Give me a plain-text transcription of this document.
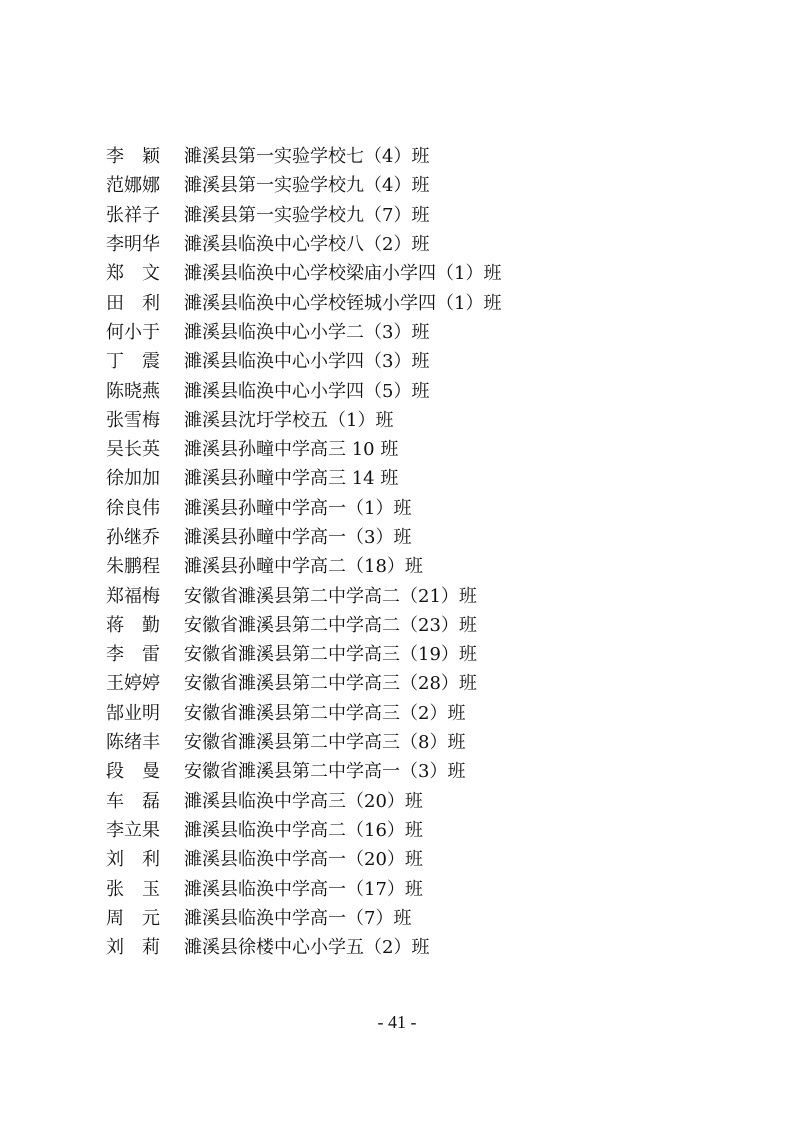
李　颖	濉溪县第一实验学校七（4）班
范娜娜	濉溪县第一实验学校九（4）班
张祥子	濉溪县第一实验学校九（7）班
李明华	濉溪县临涣中心学校八（2）班
郑　文	濉溪县临涣中心学校梁庙小学四（1）班
田　利	濉溪县临涣中心学校铚城小学四（1）班
何小于	濉溪县临涣中心小学二（3）班
丁　震	濉溪县临涣中心小学四（3）班
陈晓燕	濉溪县临涣中心小学四（5）班
张雪梅	濉溪县沈圩学校五（1）班
吴长英	濉溪县孙疃中学高三 10 班
徐加加	濉溪县孙疃中学高三 14 班
徐良伟	濉溪县孙疃中学高一（1）班
孙继乔	濉溪县孙疃中学高一（3）班
朱鹏程	濉溪县孙疃中学高二（18）班
郑福梅	安徽省濉溪县第二中学高二（21）班
蒋　勤	安徽省濉溪县第二中学高二（23）班
李　雷	安徽省濉溪县第二中学高三（19）班
王婷婷	安徽省濉溪县第二中学高三（28）班
郜业明	安徽省濉溪县第二中学高三（2）班
陈绪丰	安徽省濉溪县第二中学高三（8）班
段　曼	安徽省濉溪县第二中学高一（3）班
车　磊	濉溪县临涣中学高三（20）班
李立果	濉溪县临涣中学高二（16）班
刘　利	濉溪县临涣中学高一（20）班
张　玉	濉溪县临涣中学高一（17）班
周　元	濉溪县临涣中学高一（7）班
刘　莉	濉溪县徐楼中心小学五（2）班
- 41 -
